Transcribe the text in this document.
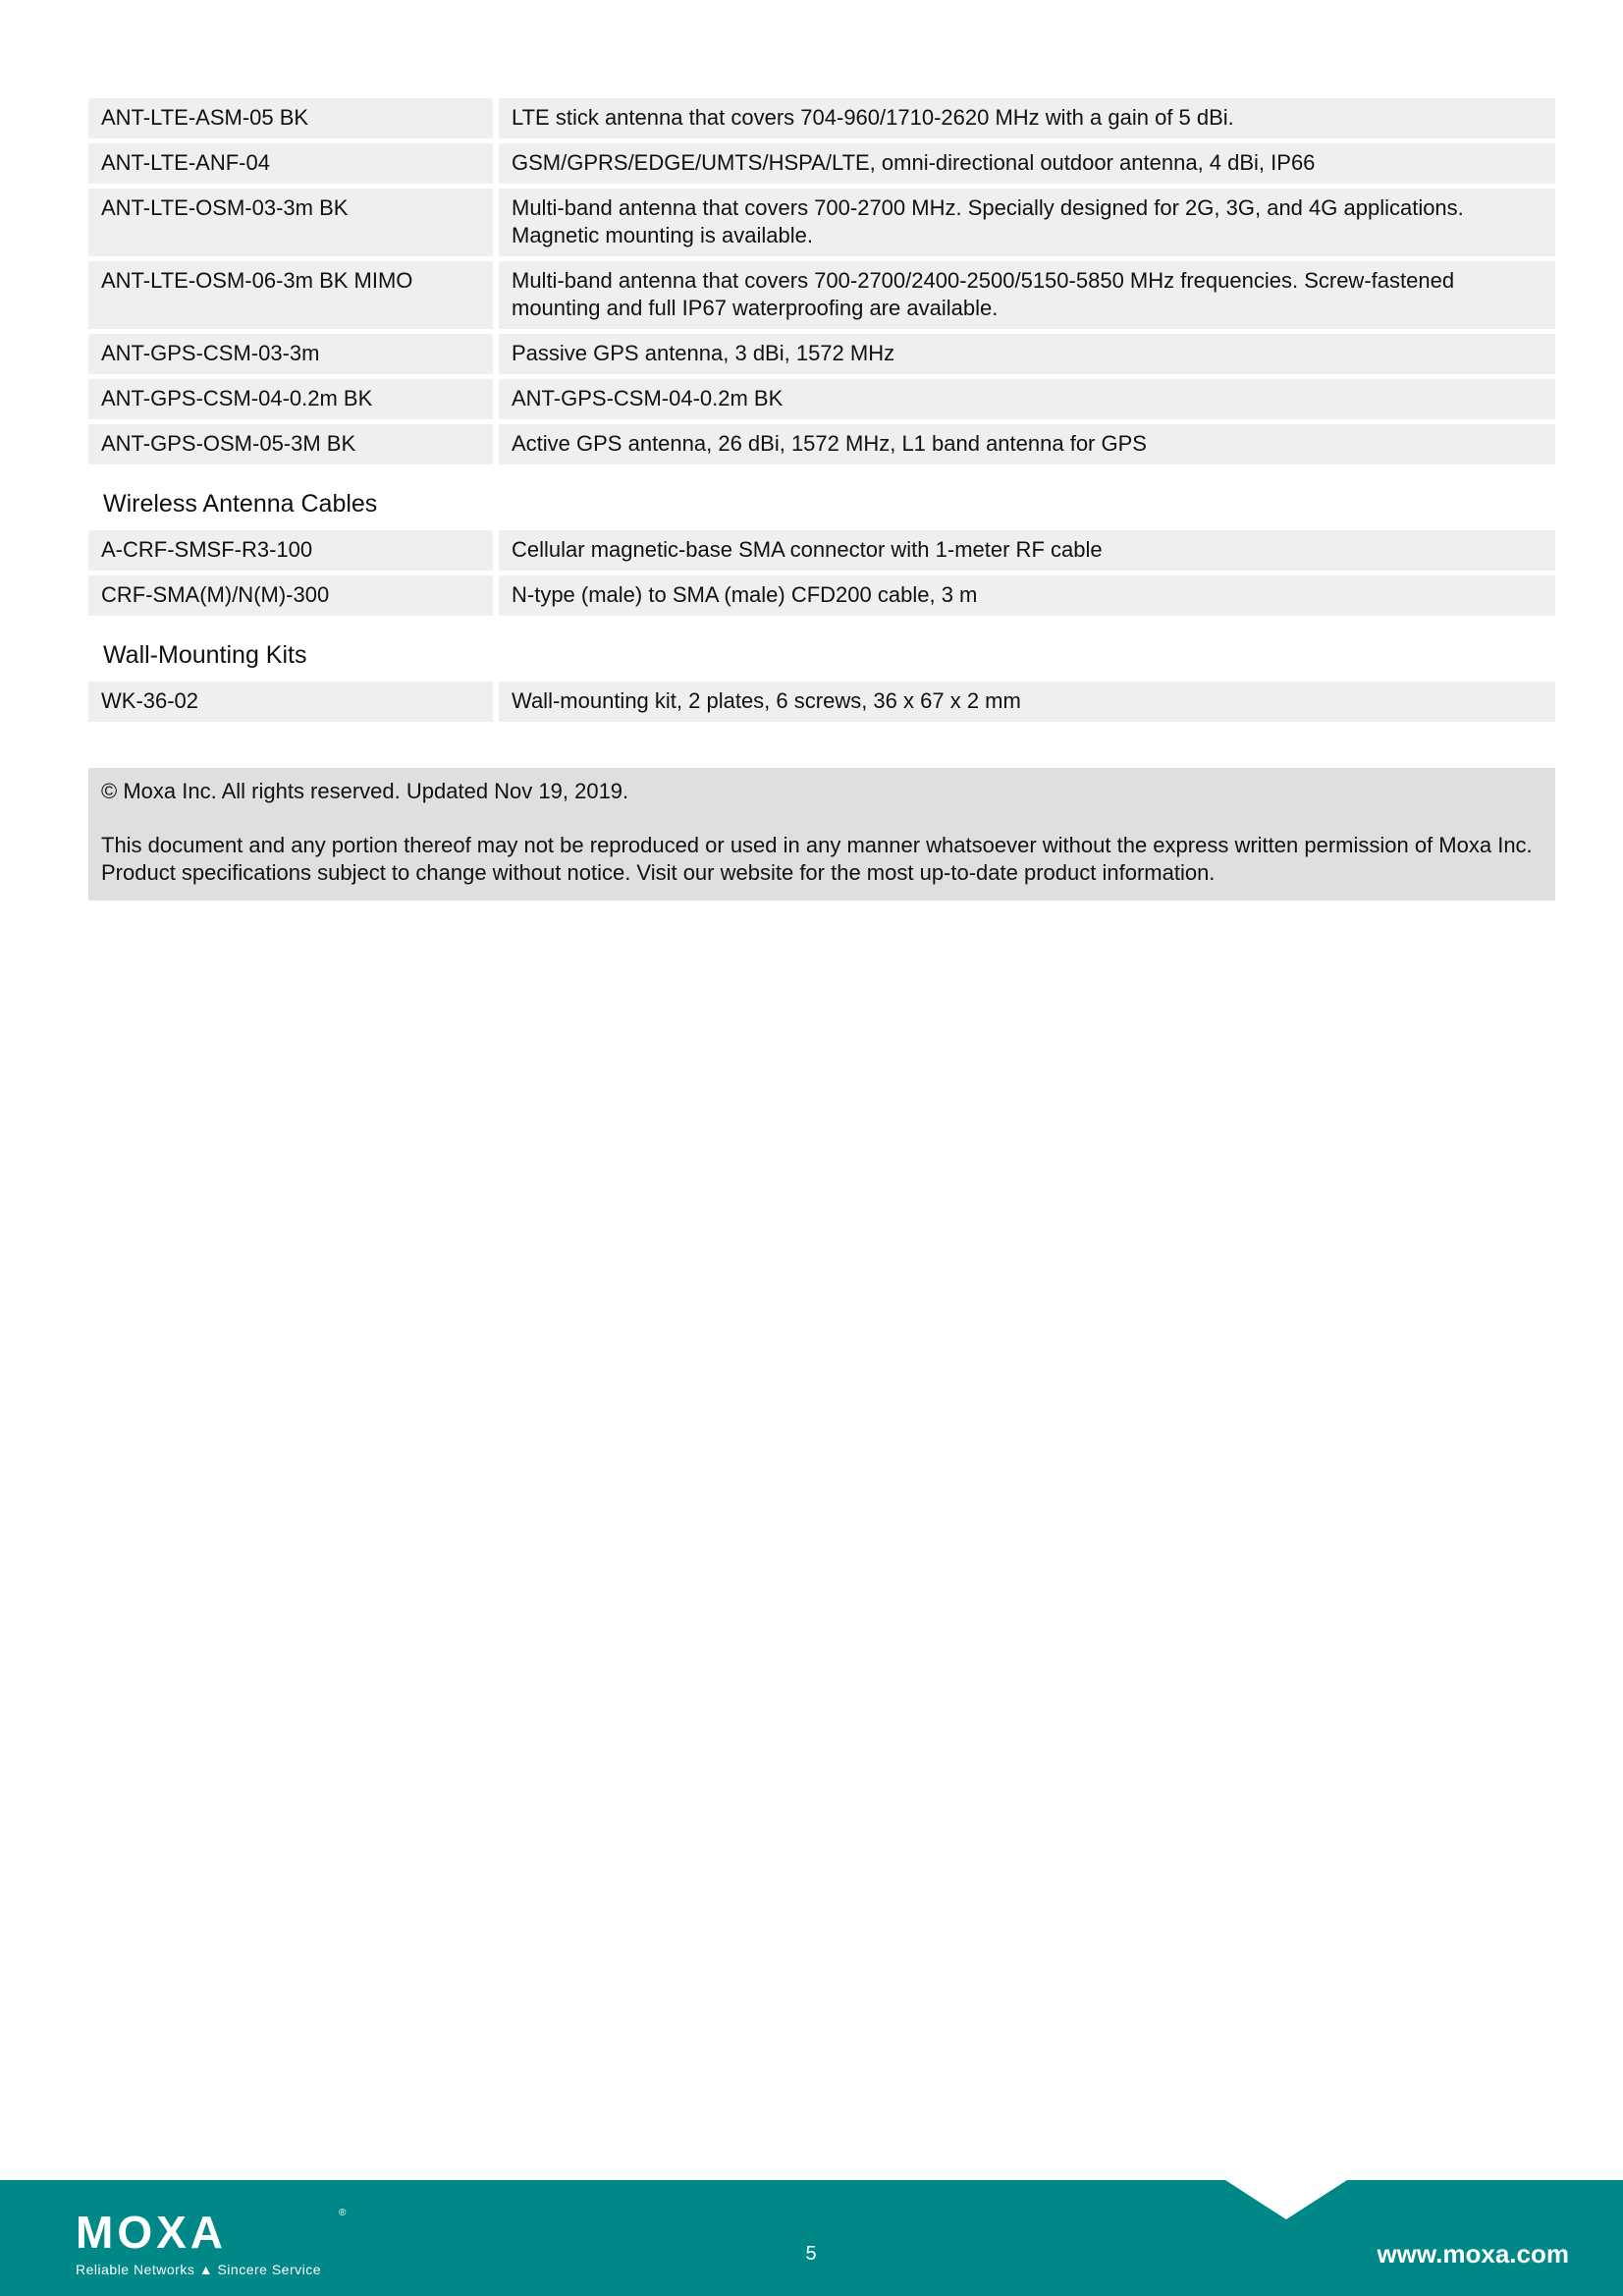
ANT-LTE-ASM-05 BK	LTE stick antenna that covers 704-960/1710-2620 MHz with a gain of 5 dBi.
ANT-LTE-ANF-04	GSM/GPRS/EDGE/UMTS/HSPA/LTE, omni-directional outdoor antenna, 4 dBi, IP66
ANT-LTE-OSM-03-3m BK	Multi-band antenna that covers 700-2700 MHz. Specially designed for 2G, 3G, and 4G applications. Magnetic mounting is available.
ANT-LTE-OSM-06-3m BK MIMO	Multi-band antenna that covers 700-2700/2400-2500/5150-5850 MHz frequencies. Screw-fastened mounting and full IP67 waterproofing are available.
ANT-GPS-CSM-03-3m	Passive GPS antenna, 3 dBi, 1572 MHz
ANT-GPS-CSM-04-0.2m BK	ANT-GPS-CSM-04-0.2m BK
ANT-GPS-OSM-05-3M BK	Active GPS antenna, 26 dBi, 1572 MHz, L1 band antenna for GPS
Wireless Antenna Cables
A-CRF-SMSF-R3-100	Cellular magnetic-base SMA connector with 1-meter RF cable
CRF-SMA(M)/N(M)-300	N-type (male) to SMA (male) CFD200 cable, 3 m
Wall-Mounting Kits
WK-36-02	Wall-mounting kit, 2 plates, 6 screws, 36 x 67 x 2 mm

© Moxa Inc. All rights reserved. Updated Nov 19, 2019.

This document and any portion thereof may not be reproduced or used in any manner whatsoever without the express written permission of Moxa Inc. Product specifications subject to change without notice. Visit our website for the most up-to-date product information.

MOXA	®
Reliable Networks ▲ Sincere Service
5	www.moxa.com
